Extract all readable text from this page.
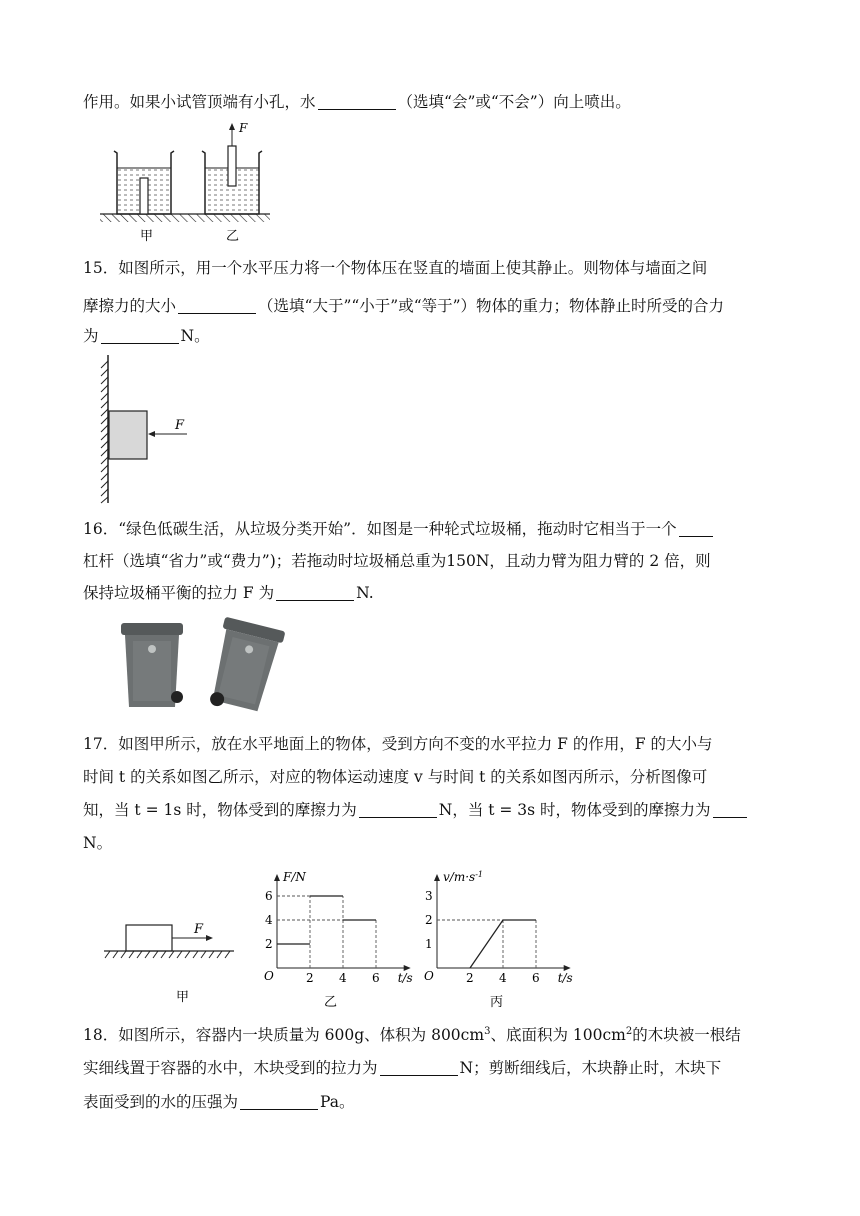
作用。如果小试管顶端有小孔，水	（选填“会”或“不会”）向上喷出。
F
甲	乙
15．如图所示，用一个水平压力将一个物体压在竖直的墙面上使其静止。则物体与墙面之间
摩擦力的大小	（选填“大于”“小于”或“等于”）物体的重力；物体静止时所受的合力
为	N。
F
16．“绿色低碳生活，从垃圾分类开始”．如图是一种轮式垃圾桶，拖动时它相当于一个
杠杆（选填“省力”或“费力”)；若拖动时垃圾桶总重为150N，且动力臂为阻力臂的 2 倍，则
保持垃圾桶平衡的拉力 F 为	N.
17．如图甲所示，放在水平地面上的物体，受到方向不变的水平拉力 F 的作用，F 的大小与
时间 t 的关系如图乙所示，对应的物体运动速度 v 与时间 t 的关系如图丙所示，分析图像可
知，当 t = 1s 时，物体受到的摩擦力为	N，当 t = 3s 时，物体受到的摩擦力为
N。
F
甲	乙
F/N
t/s
O	2 4 6
2
4
6
丙
$v/m\cdot s^{-1}$
t/s
O	2 4 6
1
2
3
18．如图所示，容器内一块质量为 600g、体积为 $800cm^3$、底面积为 $100cm^2$的木块被一根结
实细线置于容器的水中，木块受到的拉力为	N；剪断细线后，木块静止时，木块下
表面受到的水的压强为	Pa。
